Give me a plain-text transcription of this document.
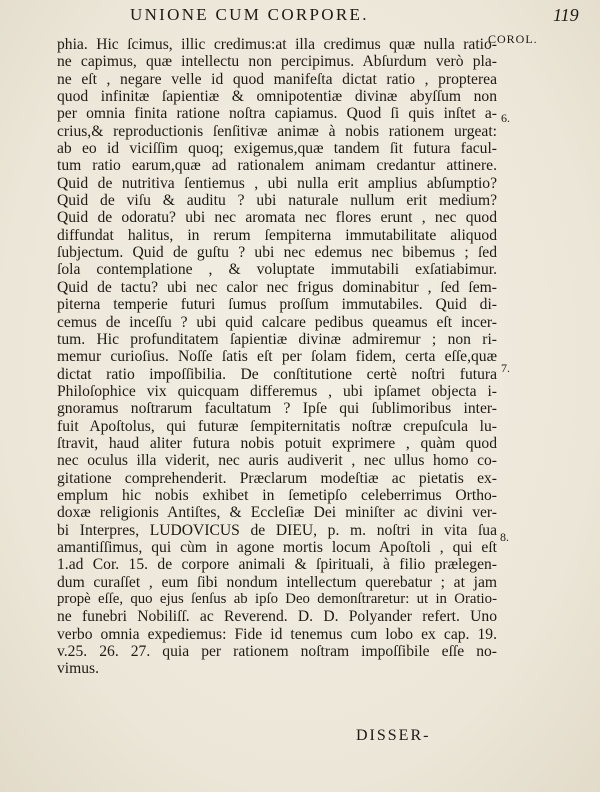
UNIONE CUM CORPORE.	119
COROL.
6.
7.
8.
phia. Hic ſcimus, illic credimus:at illa credimus quæ nulla ratio-
ne capimus, quæ intellectu non percipimus. Abſurdum verò pla-
ne eſt , negare velle id quod manifeſta dictat ratio , propterea
quod infinitæ ſapientiæ & omnipotentiæ divinæ abyſſum non
per omnia finita ratione noſtra capiamus. Quod ſi quis inſtet a-
crius,& reproductionis ſenſitivæ animæ à nobis rationem urgeat:
ab eo id viciſſim quoq; exigemus,quæ tandem ſit futura facul-
tum ratio earum,quæ ad rationalem animam credantur attinere.
Quid de nutritiva ſentiemus , ubi nulla erit amplius abſumptio?
Quid de viſu & auditu ? ubi naturale nullum erit medium?
Quid de odoratu? ubi nec aromata nec flores erunt , nec quod
diffundat halitus, in rerum ſempiterna immutabilitate aliquod
ſubjectum. Quid de guſtu ? ubi nec edemus nec bibemus ; ſed
ſola contemplatione , & voluptate immutabili exſatiabimur.
Quid de tactu? ubi nec calor nec frigus dominabitur , ſed ſem-
piterna temperie futuri ſumus proſſum immutabiles. Quid di-
cemus de inceſſu ? ubi quid calcare pedibus queamus eſt incer-
tum. Hic profunditatem ſapientiæ divinæ admiremur ; non ri-
memur curioſius. Noſſe ſatis eſt per ſolam fidem, certa eſſe,quæ
dictat ratio impoſſibilia. De conſtitutione certè noſtri futura
Philoſophice vix quicquam differemus , ubi ipſamet objecta i-
gnoramus noſtrarum facultatum ? Ipſe qui ſublimoribus inter-
fuit Apoſtolus, qui futuræ ſempiternitatis noſtræ crepuſcula lu-
ſtravit, haud aliter futura nobis potuit exprimere , quàm quod
nec oculus illa viderit, nec auris audiverit , nec ullus homo co-
gitatione comprehenderit. Præclarum modeſtiæ ac pietatis ex-
emplum hic nobis exhibet in ſemetipſo celeberrimus Ortho-
doxæ religionis Antiſtes, & Eccleſiæ Dei miniſter ac divini ver-
bi Interpres, LUDOVICUS de DIEU, p. m. noſtri in vita ſua
amantiſſimus, qui cùm in agone mortis locum Apoſtoli , qui eſt
1.ad Cor. 15. de corpore animali & ſpirituali, à filio prælegen-
dum curaſſet , eum ſibi nondum intellectum querebatur ; at jam
propè eſſe, quo ejus ſenſus ab ipſo Deo demonſtraretur: ut in Oratio-
ne funebri Nobiliſſ. ac Reverend. D. D. Polyander refert. Uno
verbo omnia expediemus: Fide id tenemus cum lobo ex cap. 19.
v.25. 26. 27. quia per rationem noſtram impoſſibile eſſe no-
vimus.
DISSER-
